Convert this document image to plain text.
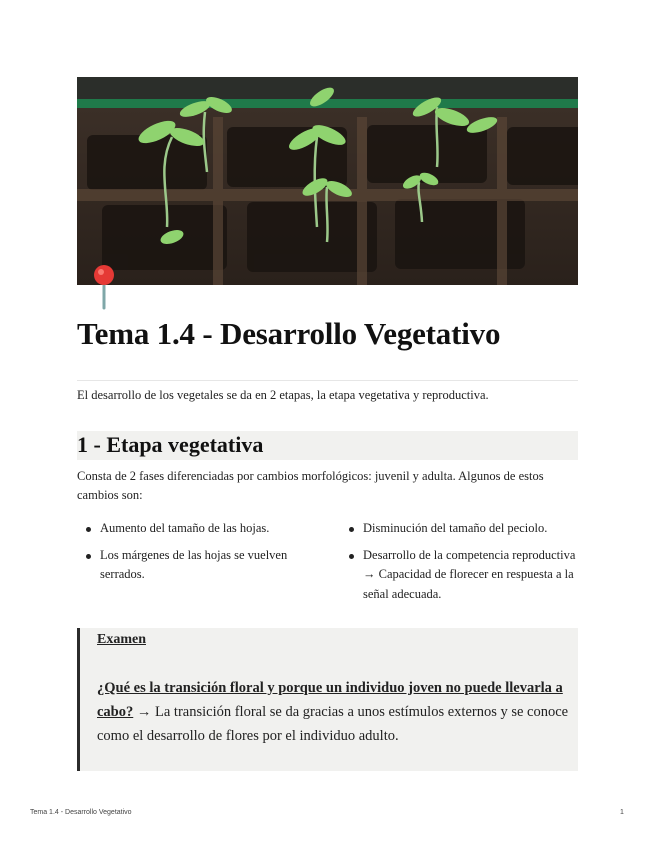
Tema 1.4 - Desarrollo Vegetativo
El desarrollo de los vegetales se da en 2 etapas, la etapa vegetativa y reproductiva.
1 - Etapa vegetativa
Consta de 2 fases diferenciadas por cambios morfológicos: juvenil y adulta. Algunos de estos cambios son:
Aumento del tamaño de las hojas.
Los márgenes de las hojas se vuelven serrados.
Disminución del tamaño del peciolo.
Desarrollo de la competencia reproductiva → Capacidad de florecer en respuesta a la señal adecuada.
Examen
¿Qué es la transición floral y porque un individuo joven no puede llevarla a cabo? → La transición floral se da gracias a unos estímulos externos y se conoce como el desarrollo de flores por el individuo adulto.
Tema 1.4 - Desarrollo Vegetativo	1
